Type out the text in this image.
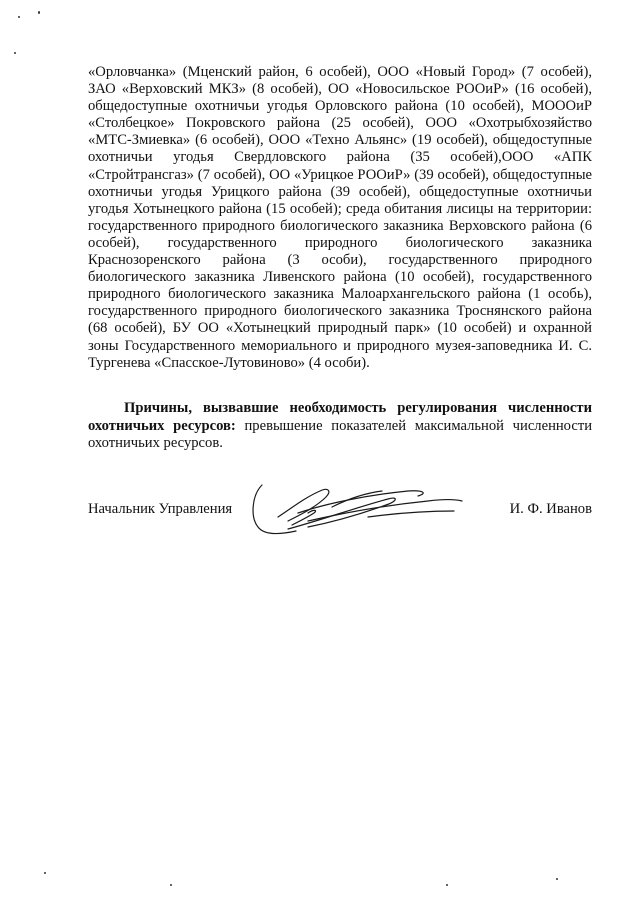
«Орловчанка» (Мценский район, 6 особей), ООО «Новый Город» (7 особей), ЗАО «Верховский МКЗ» (8 особей), ОО «Новосильское РООиР» (16 особей), общедоступные охотничьи угодья Орловского района (10 особей), МОООиР «Столбецкое» Покровского района (25 особей), ООО «Охотрыбхозяйство «МТС-Змиевка» (6 особей), ООО «Техно Альянс» (19 особей), общедоступные охотничьи угодья Свердловского района (35 особей),ООО «АПК «Стройтрансгаз» (7 особей), ОО «Урицкое РООиР» (39 особей), общедоступные охотничьи угодья Урицкого района (39 особей), общедоступные охотничьи угодья Хотынецкого района (15 особей); среда обитания лисицы на территории: государственного природного биологического заказника Верховского района (6 особей), государственного природного биологического заказника Краснозоренского района (3 особи), государственного природного биологического заказника Ливенского района (10 особей), государственного природного биологического заказника Малоархангельского района (1 особь), государственного природного биологического заказника Троснянского района (68 особей), БУ ОО «Хотынецкий природный парк» (10 особей) и охранной зоны Государственного мемориального и природного музея-заповедника И. С. Тургенева «Спасское-Лутовиново» (4 особи).

Причины, вызвавшие необходимость регулирования численности охотничьих ресурсов: превышение показателей максимальной численности охотничьих ресурсов.

Начальник Управления	И. Ф. Иванов
